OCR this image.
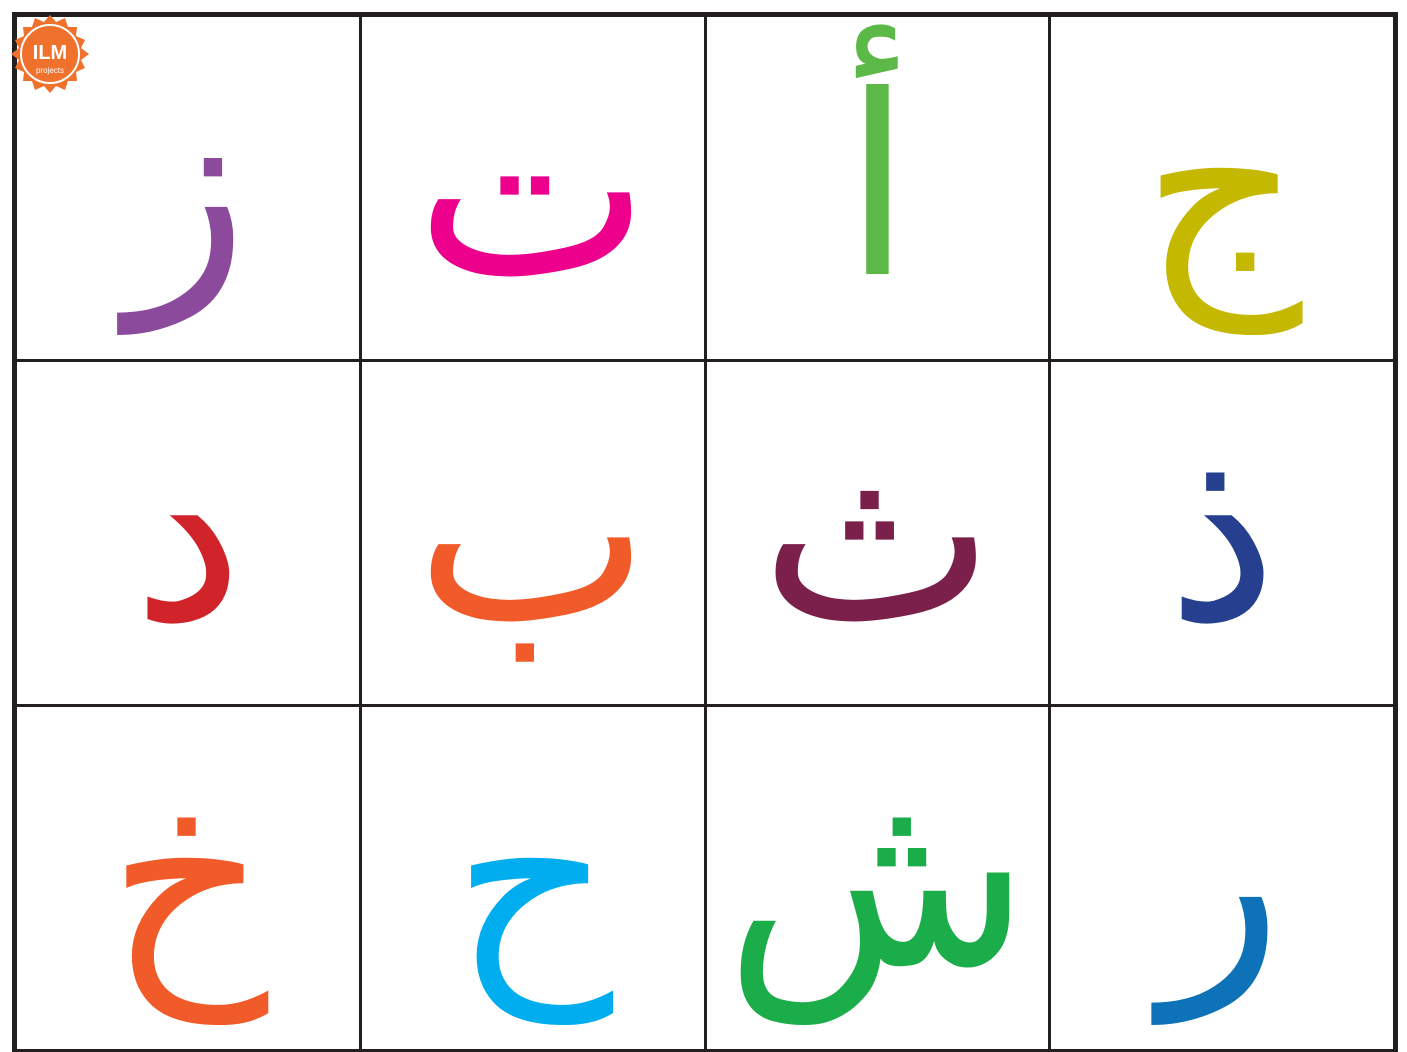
ز ت أ ج
د ب ث ذ
خ ح ش ر
ILM
projects
